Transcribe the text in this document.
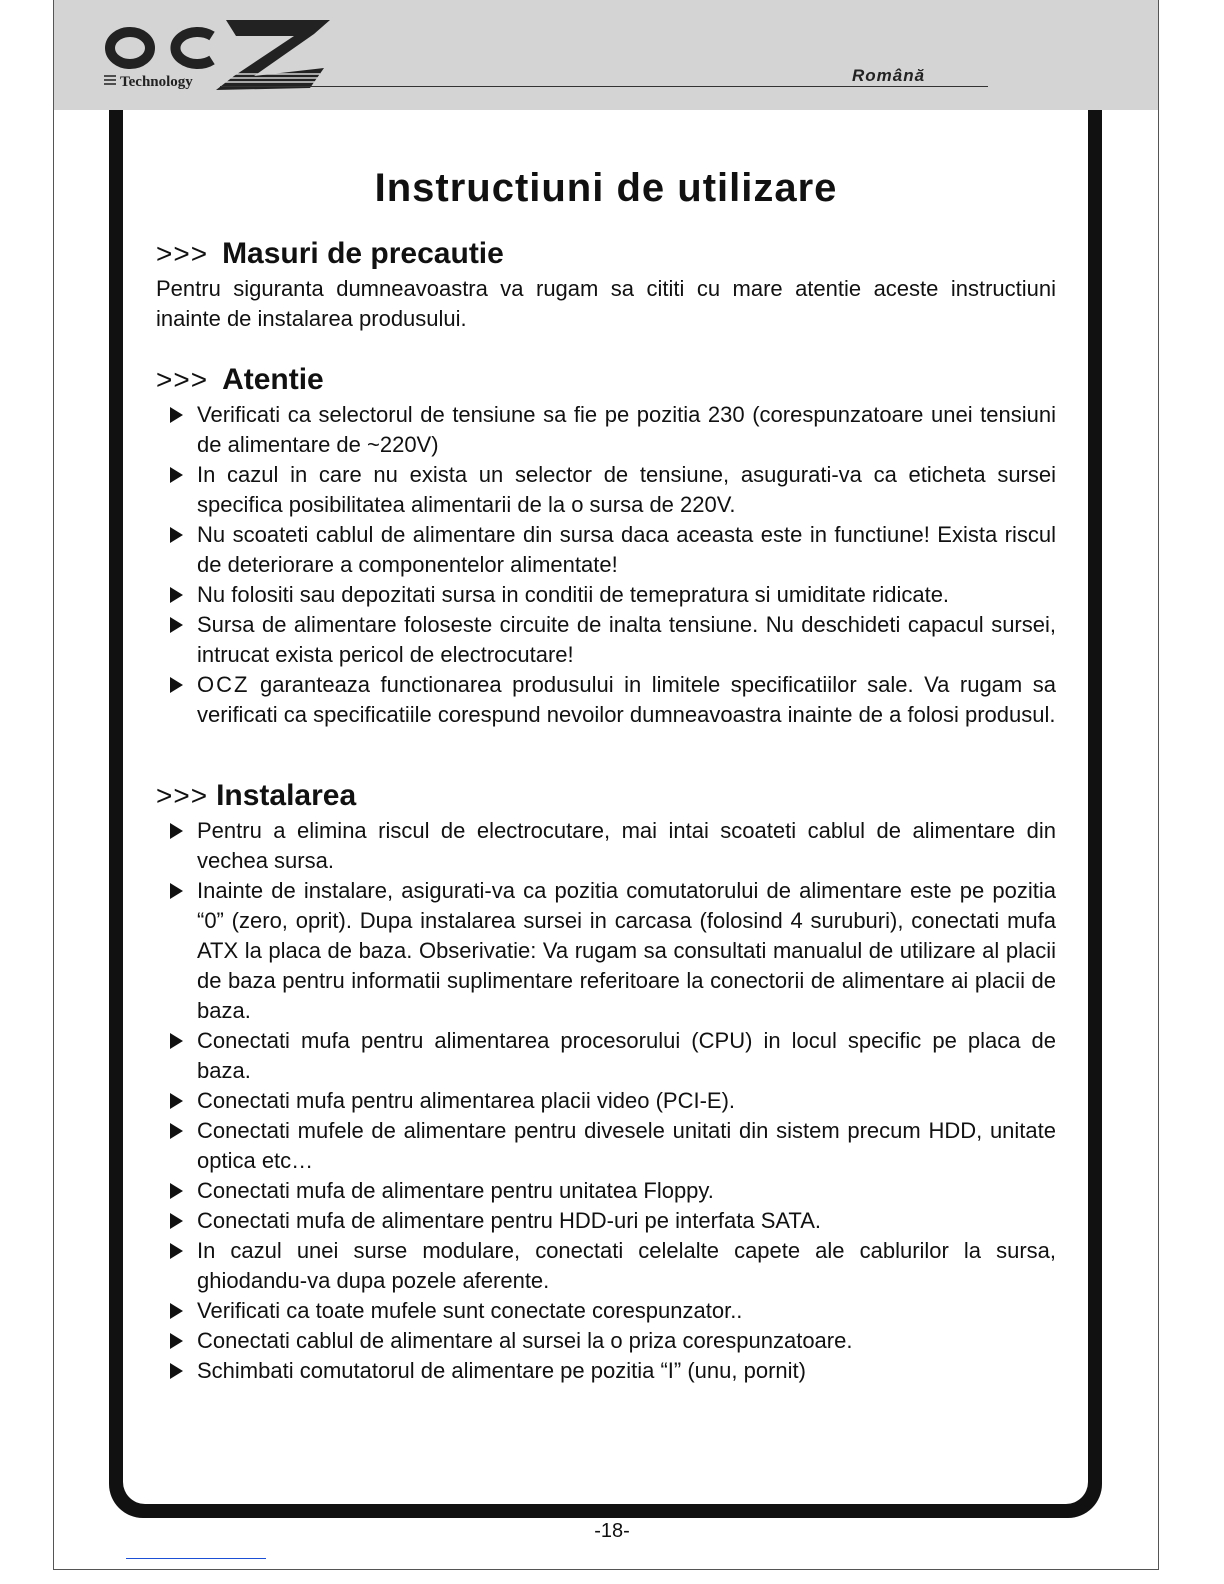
Technology	Română
Instructiuni de utilizare

>>> Masuri de precautie

Pentru siguranta dumneavoastra va rugam sa cititi cu mare atentie aceste instructiuni inainte de instalarea produsului.

>>> Atentie

Verificati ca selectorul de tensiune sa fie pe pozitia 230 (corespunzatoare unei tensiuni de alimentare de ~220V)
In cazul in care nu exista un selector de tensiune, asugurati-va ca eticheta sursei specifica posibilitatea alimentarii de la o sursa de 220V.
Nu scoateti cablul de alimentare din sursa daca aceasta este in functiune! Exista riscul de deteriorare a componentelor alimentate!
Nu folositi sau depozitati sursa in conditii de temepratura si umiditate ridicate.
Sursa de alimentare foloseste circuite de inalta tensiune. Nu deschideti capacul sursei, intrucat exista pericol de electrocutare!
OCZ garanteaza functionarea produsului in limitele specificatiilor sale. Va rugam sa verificati ca specificatiile corespund nevoilor dumneavoastra inainte de a folosi produsul.

>>> Instalarea

Pentru a elimina riscul de electrocutare, mai intai scoateti cablul de alimentare din vechea sursa.
Inainte de instalare, asigurati-va ca pozitia comutatorului de alimentare este pe pozitia “0” (zero, oprit). Dupa instalarea sursei in carcasa (folosind 4 suruburi), conectati mufa ATX la placa de baza. Obserivatie: Va rugam sa consultati manualul de utilizare al placii de baza pentru informatii suplimentare referitoare la conectorii de alimentare ai placii de baza.
Conectati mufa pentru alimentarea procesorului (CPU) in locul specific pe placa de baza.
Conectati mufa pentru alimentarea placii video (PCI-E).
Conectati mufele de alimentare pentru divesele unitati din sistem precum HDD, unitate optica etc…
Conectati mufa de alimentare pentru unitatea Floppy.
Conectati mufa de alimentare pentru HDD-uri pe interfata SATA.
In cazul unei surse modulare, conectati celelalte capete ale cablurilor la sursa, ghiodandu-va dupa pozele aferente.
Verificati ca toate mufele sunt conectate corespunzator..
Conectati cablul de alimentare al sursei la o priza corespunzatoare.
Schimbati comutatorul de alimentare pe pozitia “I” (unu, pornit)
-18-
